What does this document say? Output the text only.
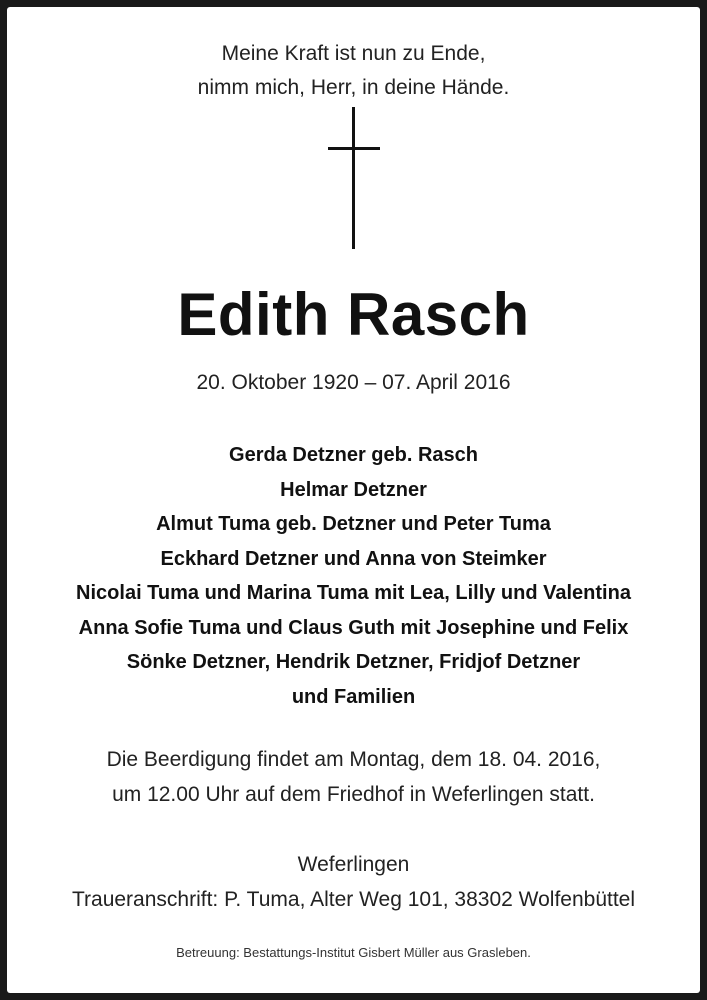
Meine Kraft ist nun zu Ende,
nimm mich, Herr, in deine Hände.
Edith Rasch
20. Oktober 1920 – 07. April 2016
Gerda Detzner geb. Rasch
Helmar Detzner
Almut Tuma geb. Detzner und Peter Tuma
Eckhard Detzner und Anna von Steimker
Nicolai Tuma und Marina Tuma mit Lea, Lilly und Valentina
Anna Sofie Tuma und Claus Guth mit Josephine und Felix
Sönke Detzner, Hendrik Detzner, Fridjof Detzner
und Familien
Die Beerdigung findet am Montag, dem 18. 04. 2016,
um 12.00 Uhr auf dem Friedhof in Weferlingen statt.
Weferlingen
Traueranschrift: P. Tuma, Alter Weg 101, 38302 Wolfenbüttel
Betreuung: Bestattungs-Institut Gisbert Müller aus Grasleben.
